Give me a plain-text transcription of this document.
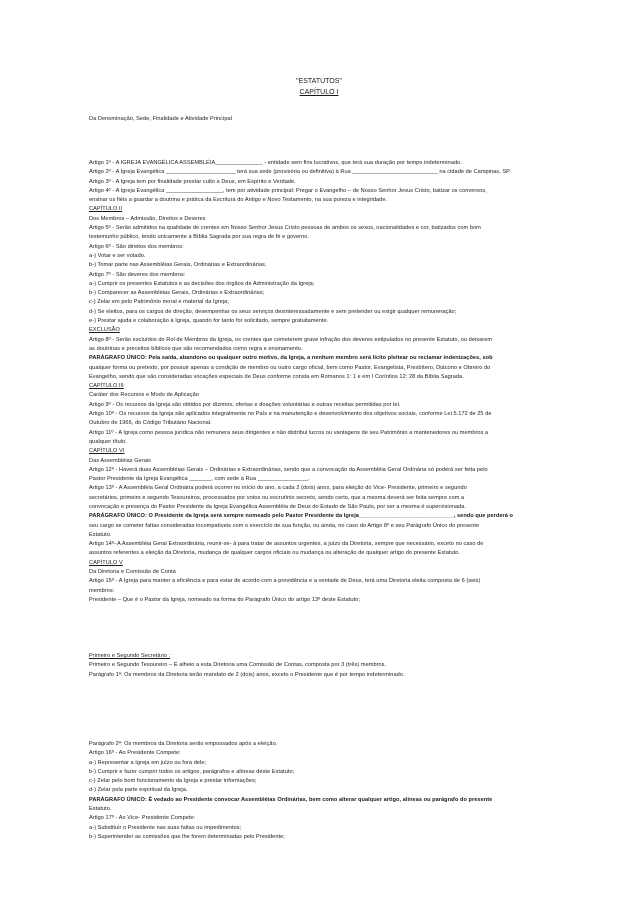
"ESTATUTOS"
CAPÍTULO I

Da Denominação, Sede, Finalidade e Atividade Principal

Artigo 1º - A IGREJA EVANGÉLICA ASSEMBLÉIA_______________ - entidade sem fins lucrativos, que terá sua duração por tempo indeterminado.

Artigo 2º - A Igreja Evangélica ______________________ terá sua sede (provisória ou definitiva) à Rua ___________________________ na cidade de Campinas, SP.

Artigo 3º - A Igreja tem por finalidade prestar culto a Deus, em Espírito e Verdade.

Artigo 4º - A Igreja Evangélica __________________, tem por atividade principal: Pregar o Evangelho – de Nosso Senhor Jesus Cristo, batizar os conversos,

ensinar os fiéis a guardar a doutrina e prática da Escritura do Antigo e Novo Testamento, na sua pureza e integridade.

CAPÍTULO II

Dos Membros – Admissão, Direitos e Deveres

Artigo 5º - Serão admitidos na qualidade de crentes em Nosso Senhor Jesus Cristo pessoas de ambos os sexos, nacionalidades e cor, batizados com bom

testemunho público, tendo unicamente a Bíblia Sagrada por sua regra de fé e governo.

Artigo 6º - São direitos dos membros:

a-) Votar e ser votado.

b-) Tomar parte nas Assembléias Gerais, Ordinárias e Extraordinárias.

Artigo 7º - São deveres dos membros:

a-) Cumprir os presentes Estatutos e as decisões dos órgãos de Administração da Igreja;

b-) Comparecer as Assembléias Gerais, Ordinárias e Extraordinárias;

c-) Zelar em pelo Patrimônio moral e material da Igreja;

d-) Se eleitos, para os cargos de direção, desempenhar os seus serviços desinteressadamente e sem pretender ou exigir qualquer remuneração;

e-) Prestar ajuda e colaboração à Igreja, quando for tanto for solicitado, sempre gratuitamente.

EXCLUSÃO

Artigo 8º - Serão excluídos do Rol de Membros da Igreja, os crentes que cometerem grave infração dos deveres estipulados no presente Estatuto, ou deixarem

as doutrinas e preceitos bíblicos que são recomendados como regra e ensinamento.

PARÁGRAFO ÚNICO: Pela saída, abandono ou qualquer outro motivo, da Igreja, a nenhum membro será lícito pleitear ou reclamar indenizações, sob

qualquer forma ou pretexto, por possuir apenas a condição de membro ou outro cargo oficial, bem como Pastor, Evangelista, Presbítero, Diácono e Obreiro do

Evangelho, sendo que são consideradas vocações especiais de Deus conforme consta em Romanos 1: 1 e em I Coríntios 12: 28 da Bíblia Sagrada.

CAPÍTULO III

Caráter dos Recursos e Modo de Aplicação

Artigo 9º - Os recursos da Igreja são obtidos por dízimos, ofertas e doações voluntárias e outras receitas permitidas por lei.

Artigo 10º - Os recursos da Igreja são aplicados integralmente no País e na manutenção e desenvolvimento dos objetivos sociais, conforme Lei 5.172 de 25 de

Outubro de 1966, do Código Tributário Nacional.

Artigo 11º - A Igreja como pessoa jurídica não remunera seus dirigentes e não distribui lucros ou vantagens de seu Patrimônio a mantenedores ou membros a

qualquer título.

CAPÍTULO VI

Das Assembléias Gerais

Artigo 12º - Haverá duas Assembléias Gerais – Ordinárias e Extraordinárias, sendo que a convocação da Assembléia Geral Ordinária só poderá ser feita pelo

Pastor Presidente da Igreja Evangélica _______, com sede à Rua ________________.

Artigo 13º - A Assembléia Geral Ordinária poderá ocorrer no início do ano, a cada 2 (dois) anos, para eleição do Vice- Presidente, primeiro e segundo

secretários, primeiro e segundo Tesoureiros, processados por votos ou escrutínio secreto, sendo certo, que a mesma deverá ser feita sempre com a

convocação e presença do Pastor Presidente da Igreja Evangélica Assembléia de Deus do Estado de São Paulo, por ser a mesma é supervisionada.

PARÁGRAFO ÚNICO: O Presidente da Igreja será sempre nomeado pelo Pastor Presidente da Igreja______________________________, sendo que perderá o

seu cargo se cometer faltas consideradas incompatíveis com o exercício de sua função, ou ainda, no caso do Artigo 8º e seu Parágrafo Único do presente

Estatuto.

Artigo 14º- A Assembléia Geral Extraordinária, reunir-se- à para tratar de assuntos urgentes, a juízo da Diretoria, sempre que necessário, exceto no caso de

assuntos referentes a eleição da Diretoria, mudança de qualquer cargos oficiais ou mudança ou alteração de qualquer artigo do presente Estatuto.

CAPÍTULO V

Da Diretoria e Comissão de Conta

Artigo 15º - A Igreja para manter a eficiência e para estar de acordo com a providência e a vontade de Deus, terá uma Diretoria eleita composta de 6 (seis)

membros:

Presidente – Que é o Pastor da Igreja, nomeado na forma do Parágrafo Único do artigo 13º deste Estatuto;

Primeiro e Segundo Secretário :

Primeiro e Segundo Tesoureiro – É alheio a esta Diretoria uma Comissão de Contas, composta por 3 (três) membros.

Parágrafo 1º: Os membros da Diretoria terão mandato de 2 (dois) anos, exceto o Presidente que é por tempo indeterminado.

Parágrafo 2º: Os membros da Diretoria serão empossados após a eleição.

Artigo 16º - Ao Presidente Compete:

a-) Representar a Igreja em juízo ou fora dele;

b-) Cumprir e fazer cumprir todos os artigos, parágrafos e alíneas deste Estatuto;

c-) Zelar pelo bom funcionamento da Igreja e prestar informações;

d-) Zelar pela parte espiritual da Igreja.

PARÁGRAFO ÚNICO: É vedado ao Presidente convocar Assembléias Ordinárias, bem como alterar qualquer artigo, alíneas ou parágrafo do presente

Estatuto.

Artigo 17º - Ao Vice- Presidente Compete:

a-) Substituir o Presidente nas suas faltas ou impedimentos;

b-) Superintender as comissões que lhe forem determinadas pelo Presidente;
